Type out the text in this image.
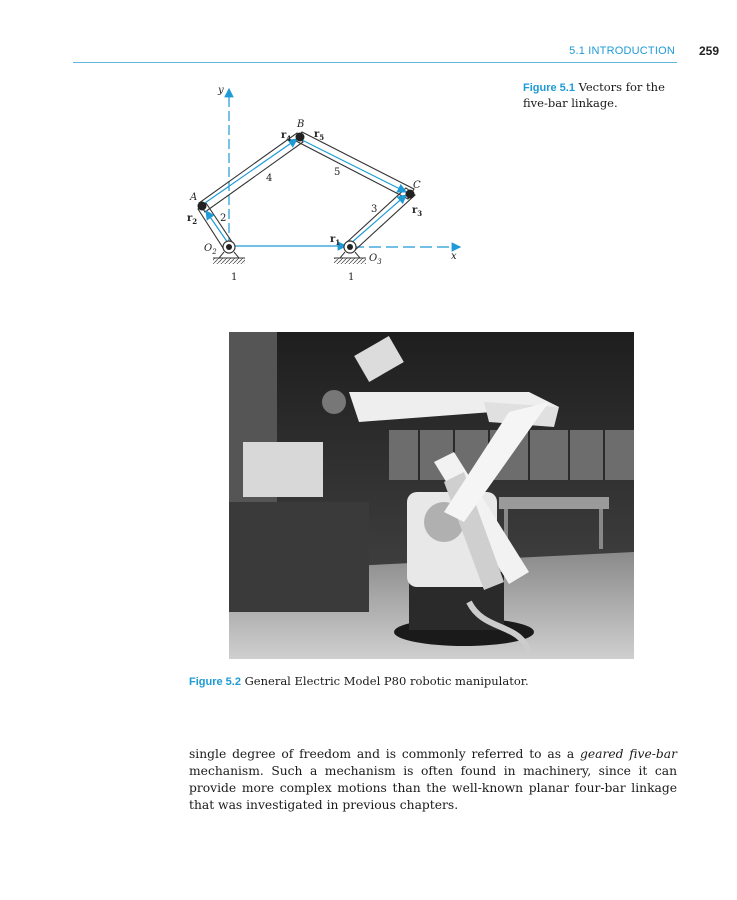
5.1 INTRODUCTION 259
y
x
A
B
C
$O_2$
$O_3$
$r_1$
$r_2$
$r_3$
$r_4$ $r_5$
2
3
4
5
1	1
Figure 5.1 Vectors for the five-bar linkage.
Figure 5.2 General Electric Model P80 robotic manipulator.

single degree of freedom and is commonly referred to as a geared five-bar mechanism. Such a mechanism is often found in machinery, since it can provide more complex motions than the well-known planar four-bar linkage that was investigated in previous chapters.
